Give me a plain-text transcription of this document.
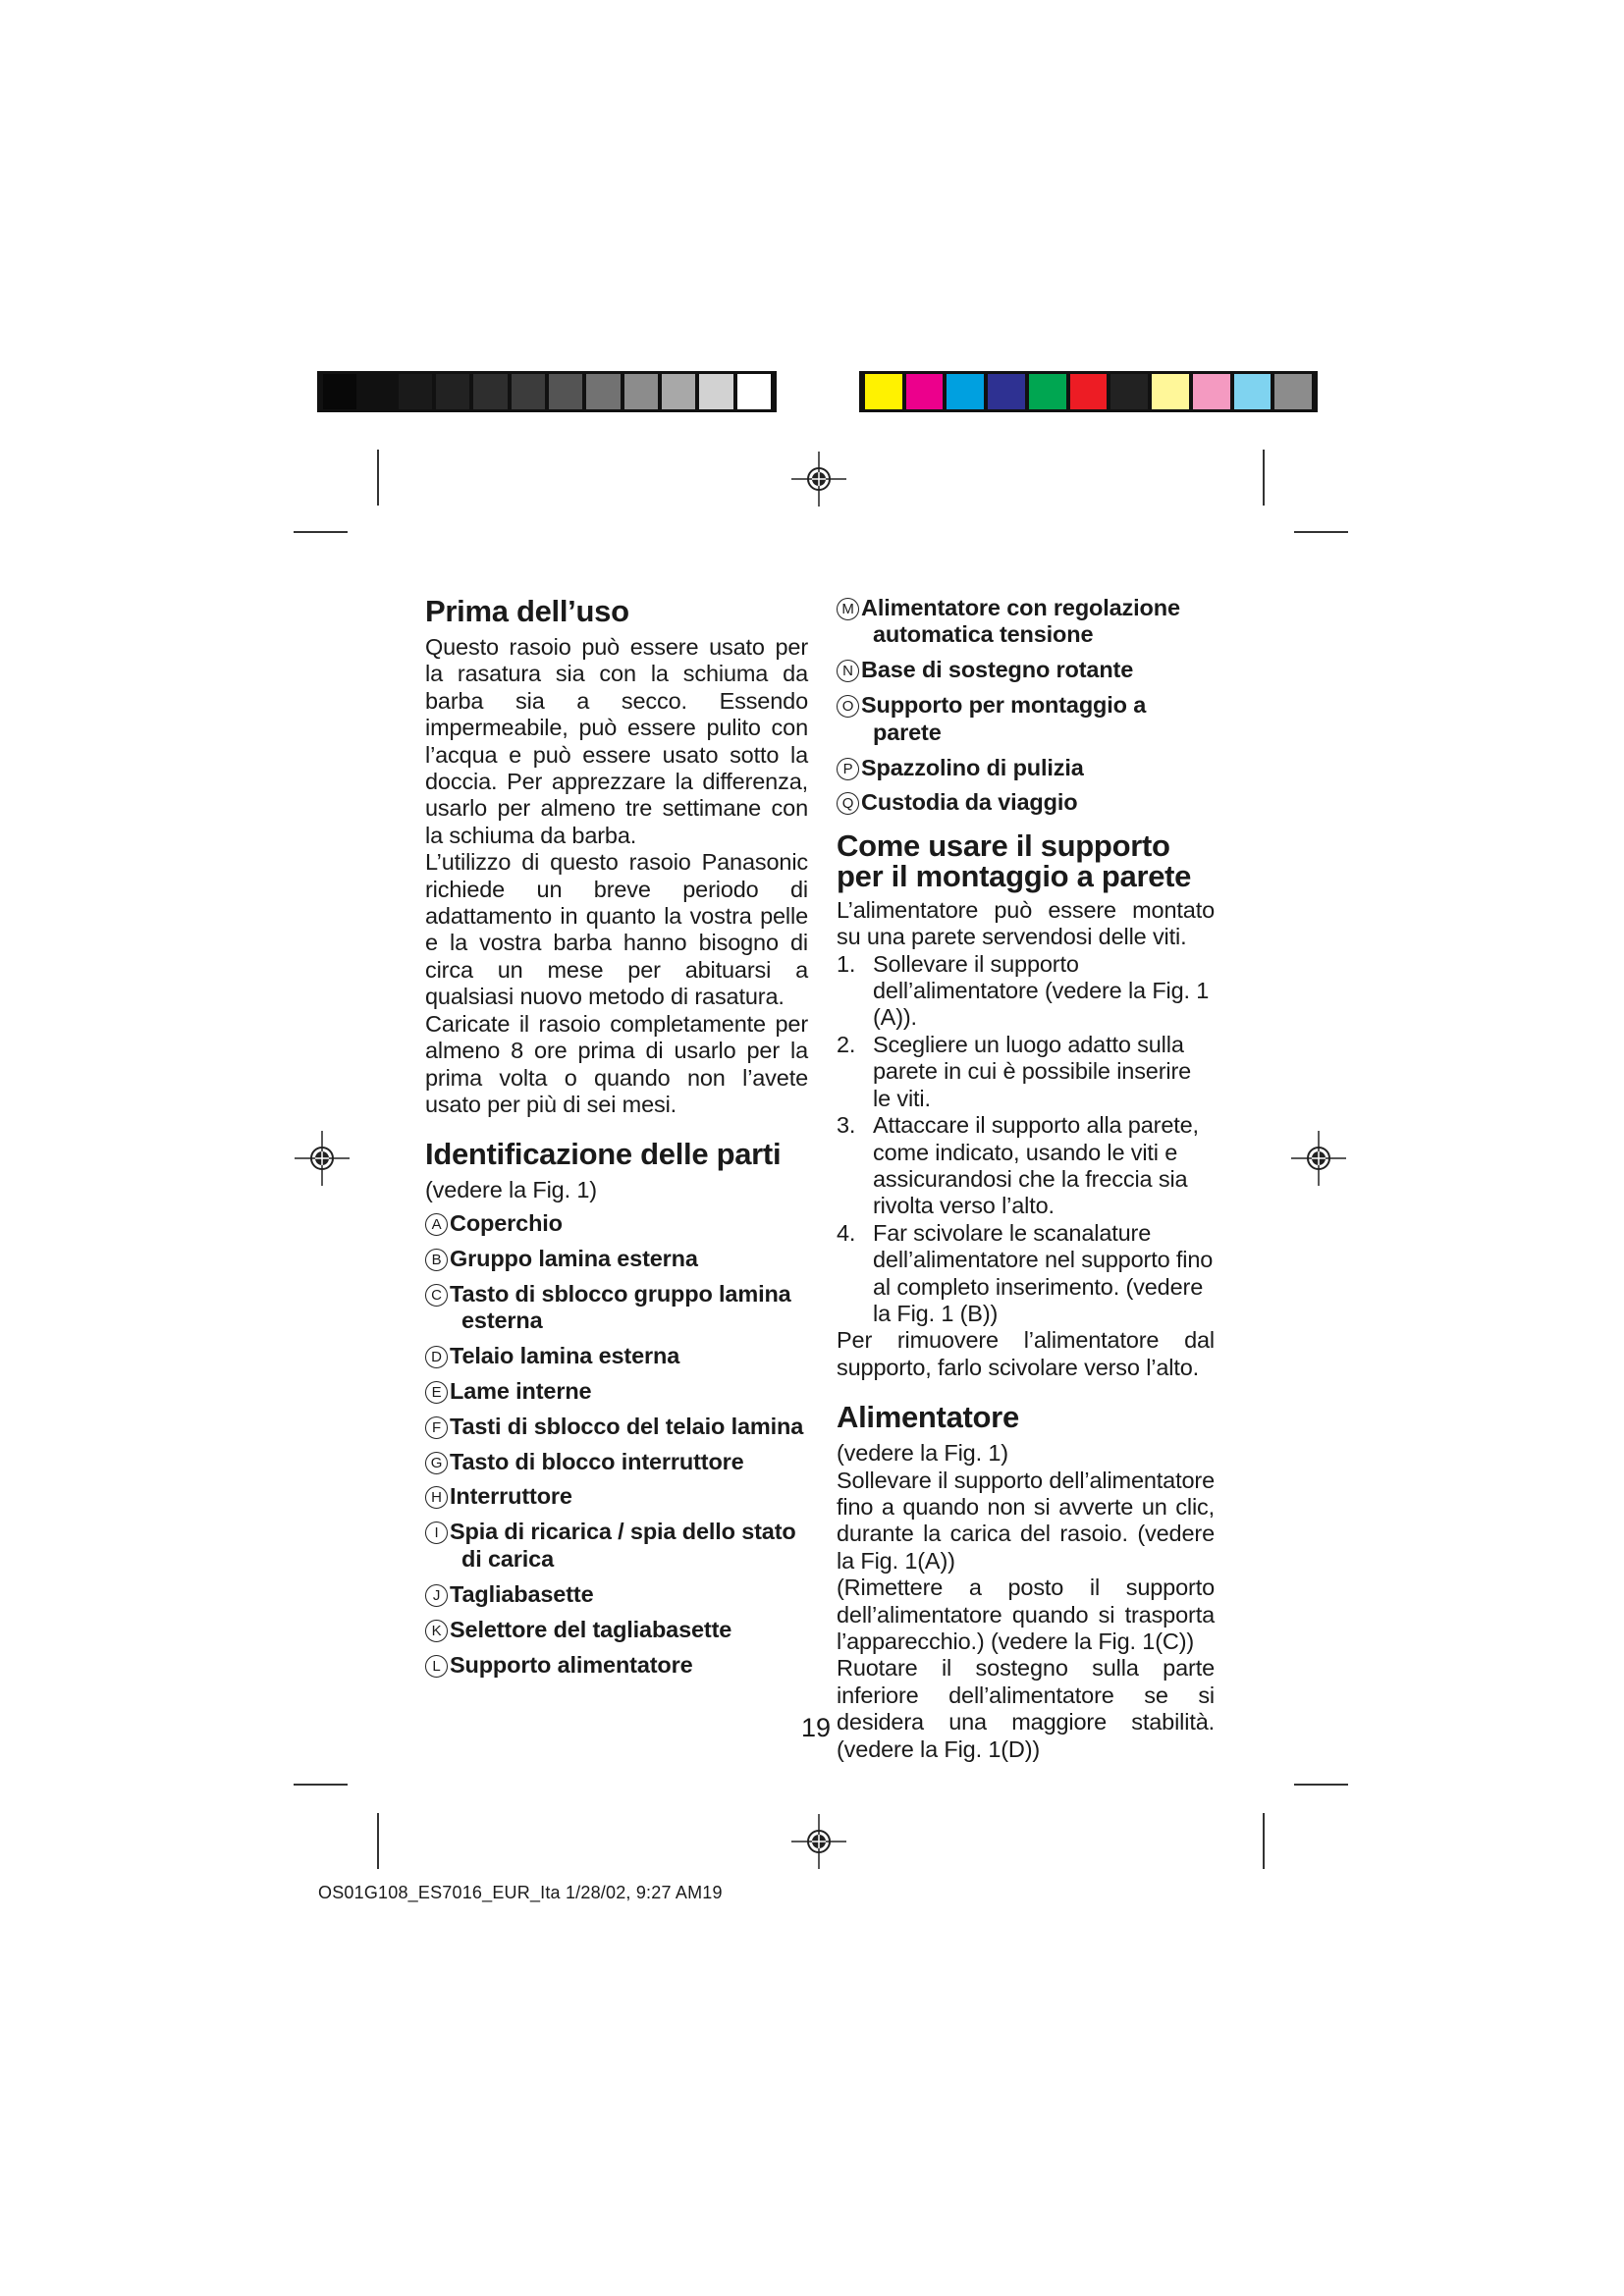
Prima dell’uso

Questo rasoio può essere usato per la rasatura sia con la schiuma da barba sia a secco. Essendo impermeabile, può essere pulito con l’acqua e può essere usato sotto la doccia. Per apprezzare la differenza, usarlo per almeno tre settimane con la schiuma da barba.

L’utilizzo di questo rasoio Panasonic richiede un breve periodo di adattamento in quanto la vostra pelle e la vostra barba hanno bisogno di circa un mese per abituarsi a qualsiasi nuovo metodo di rasatura.

Caricate il rasoio completamente per almeno 8 ore prima di usarlo per la prima volta o quando non l’avete usato per più di sei mesi.

Identificazione delle parti
(vedere la Fig. 1)
A Coperchio
B Gruppo lamina esterna
C Tasto di sblocco gruppo lamina esterna
D Telaio lamina esterna
E Lame interne
F Tasti di sblocco del telaio lamina
G Tasto di blocco interruttore
H Interruttore
I Spia di ricarica / spia dello stato di carica
J Tagliabasette
K Selettore del tagliabasette
L Supporto alimentatore
M Alimentatore con regolazione automatica tensione
N Base di sostegno rotante
O Supporto per montaggio a parete
P Spazzolino di pulizia
Q Custodia da viaggio
Come usare il supporto per il montaggio a parete

L’alimentatore può essere montato su una parete servendosi delle viti.

1. Sollevare il supporto dell’alimentatore (vedere la Fig. 1 (A)).
2. Scegliere un luogo adatto sulla parete in cui è possibile inserire le viti.
3. Attaccare il supporto alla parete, come indicato, usando le viti e assicurandosi che la freccia sia rivolta verso l’alto.
4. Far scivolare le scanalature dell’alimentatore nel supporto fino al completo inserimento. (vedere la Fig. 1 (B))

Per rimuovere l’alimentatore dal supporto, farlo scivolare verso l’alto.

Alimentatore
(vedere la Fig. 1)

Sollevare il supporto dell’alimentatore fino a quando non si avverte un clic, durante la carica del rasoio. (vedere la Fig. 1(A))

(Rimettere a posto il supporto dell’alimentatore quando si trasporta l’apparecchio.) (vedere la Fig. 1(C))

Ruotare il sostegno sulla parte inferiore dell’alimentatore se si desidera una maggiore stabilità. (vedere la Fig. 1(D))

19
OS01G108_ES7016_EUR_Ita 1/28/02, 9:27 AM19
